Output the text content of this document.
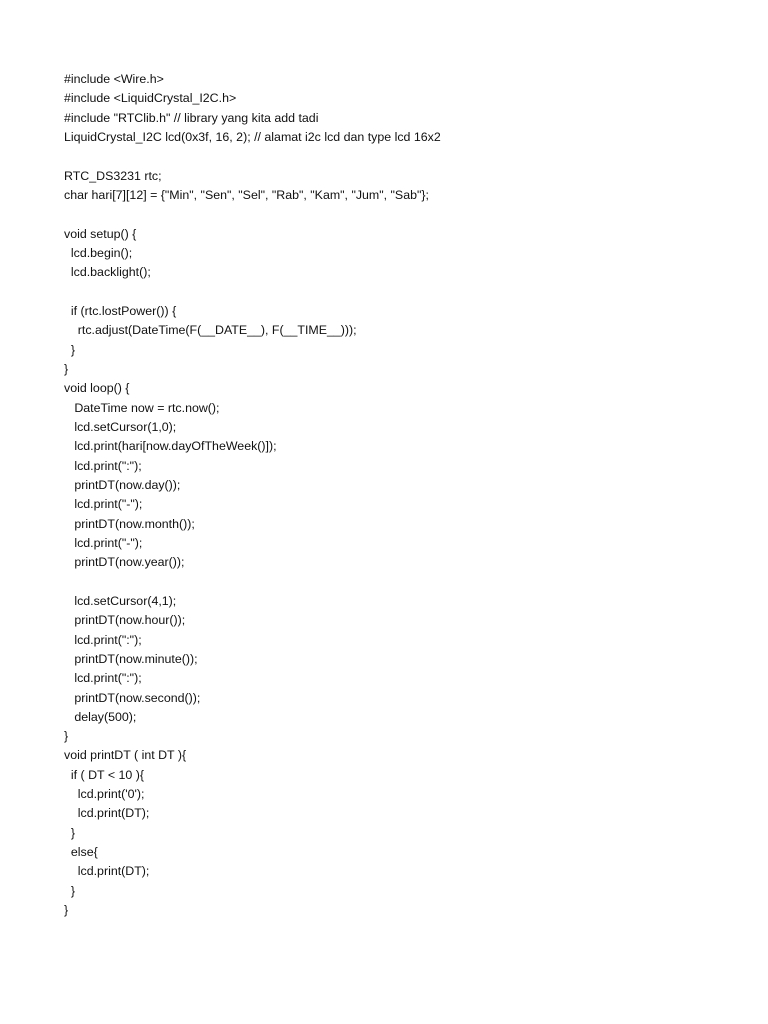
#include <Wire.h>
#include <LiquidCrystal_I2C.h>
#include "RTClib.h" // library yang kita add tadi
LiquidCrystal_I2C lcd(0x3f, 16, 2); // alamat i2c lcd dan type lcd 16x2
RTC_DS3231 rtc;
char hari[7][12] = {"Min", "Sen", "Sel", "Rab", "Kam", "Jum", "Sab"};
void setup() {
lcd.begin();
lcd.backlight();
if (rtc.lostPower()) {
rtc.adjust(DateTime(F(__DATE__), F(__TIME__)));
}
}
void loop() {
DateTime now = rtc.now();
lcd.setCursor(1,0);
lcd.print(hari[now.dayOfTheWeek()]);
lcd.print(":");
printDT(now.day());
lcd.print("-");
printDT(now.month());
lcd.print("-");
printDT(now.year());
lcd.setCursor(4,1);
printDT(now.hour());
lcd.print(":");
printDT(now.minute());
lcd.print(":");
printDT(now.second());
delay(500);
}
void printDT ( int DT ){
if ( DT < 10 ){
lcd.print('0');
lcd.print(DT);
}
else{
lcd.print(DT);
}
}
